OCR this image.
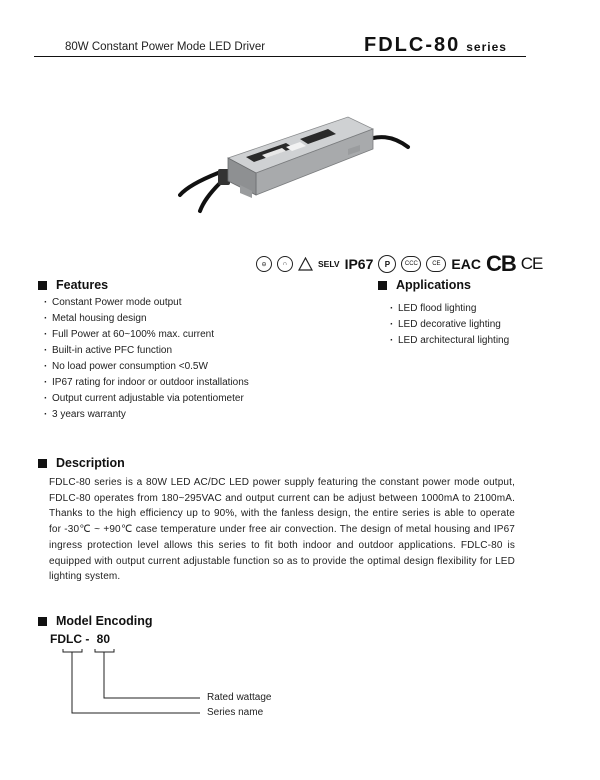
80W Constant Power Mode LED Driver	FDLC-80 series
⊖	∩	SELV IP67	P	CCC	CE EAC CB CE
Features
· Constant Power mode output
· Metal housing design
· Full Power at 60~100% max. current
· Built-in active PFC function
· No load power consumption <0.5W
· IP67 rating for indoor or outdoor installations
· Output current adjustable via potentiometer
· 3 years warranty
Applications
· LED flood lighting
· LED decorative lighting
· LED architectural lighting
Description
FDLC-80 series is a 80W LED AC/DC LED power supply featuring the constant power mode output, FDLC-80 operates from 180~295VAC and output current can be adjust between 1000mA to 2100mA. Thanks to the high efficiency up to 90%, with the fanless design, the entire series is able to operate for -30℃ ~ +90℃ case temperature under free air convection. The design of metal housing and IP67 ingress protection level allows this series to fit both indoor and outdoor applications. FDLC-80 is equipped with output current adjustable function so as to provide the optimal design flexibility for LED lighting system.
Model Encoding
FDLC - 80
Rated wattage
Series name
